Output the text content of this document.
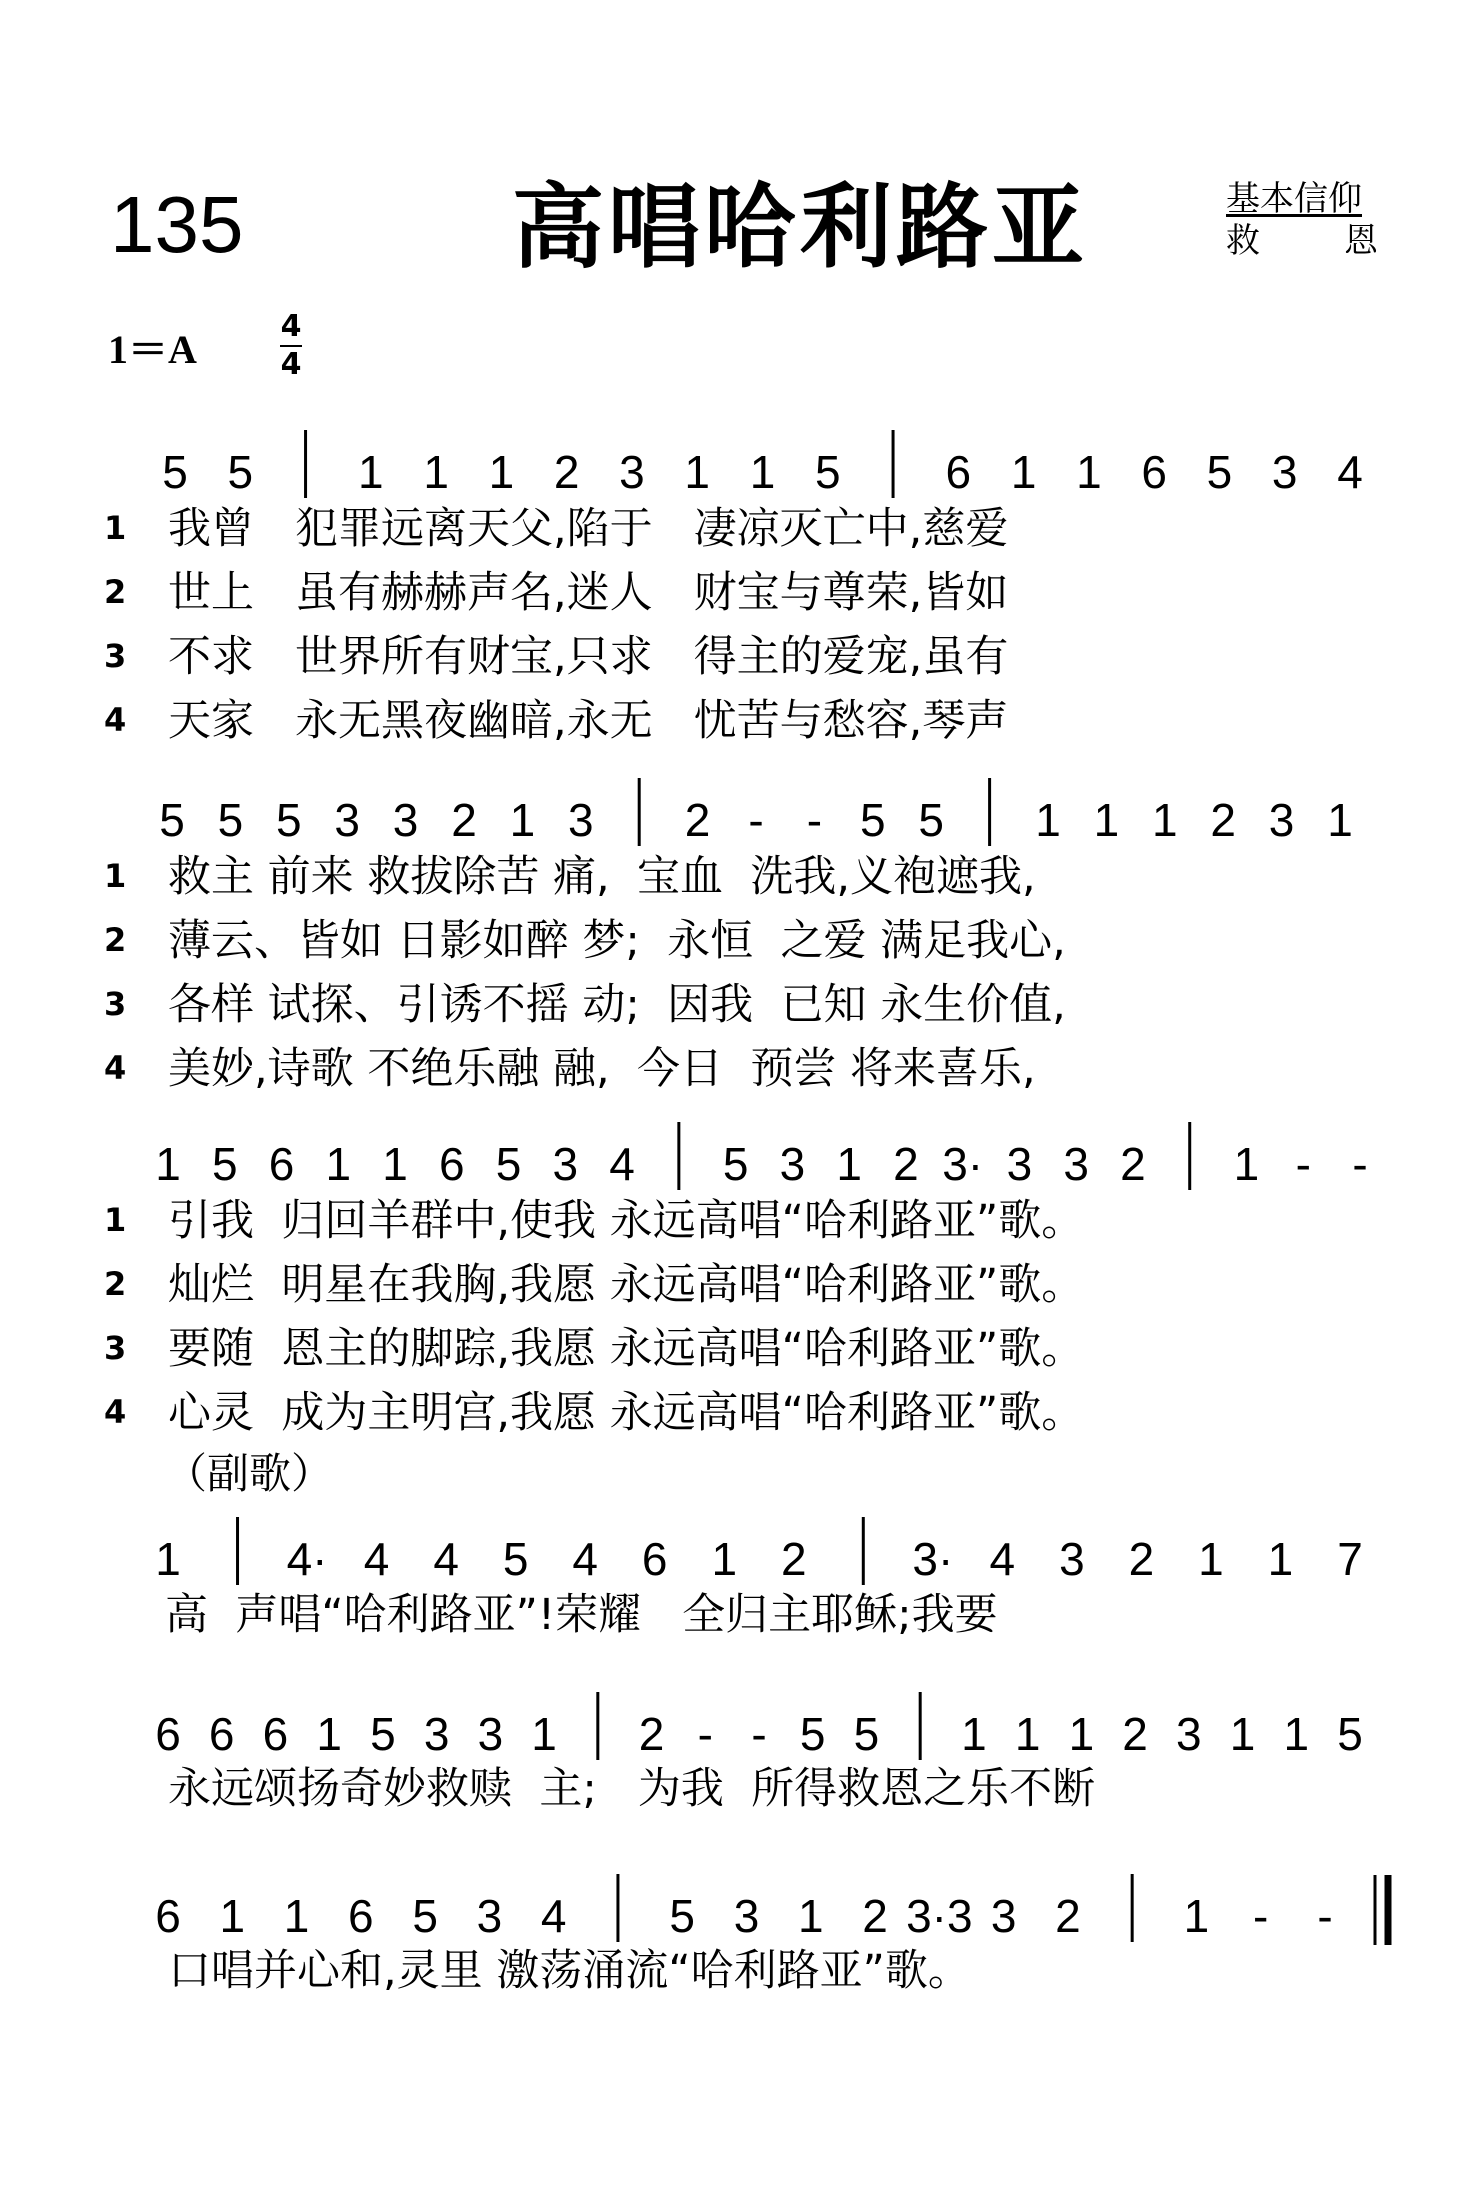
135	高唱哈利路亚	基本信仰
救 恩
1＝A
4
4
5 5 1 1 1 2 3 1 1 5 6 1 1 6 5 3 4
5 5 5 3 3 2 1 3 2 - - 5 5 1 1 1 2 3 1
1 5 6 1 1 6 5 3 4 5 3 1 2 3· 3 3 2 1 - -
1 4· 4 4 5 4 6 1 2 3· 4 3 2 1 1 7
6 6 6 1 5 3 3 1 2 - - 5 5 1 1 1 2 3 1 1 5
6 1 1 6 5 3 4 5 3 1 2 3·3 3 2 1 - -
1
2
3
4
我曾   犯罪远离天父,陷于   凄凉灭亡中,慈爱
世上   虽有赫赫声名,迷人   财宝与尊荣,皆如
不求   世界所有财宝,只求   得主的爱宠,虽有
天家   永无黑夜幽暗,永无   忧苦与愁容,琴声
1
2
3
4
救主 前来 救拔除苦 痛,  宝血  洗我,义袍遮我,
薄云、皆如 日影如醉 梦;  永恒  之爱 满足我心,
各样 试探、引诱不摇 动;  因我  已知 永生价值,
美妙,诗歌 不绝乐融 融,  今日  预尝 将来喜乐,
1
2
3
4
引我  归回羊群中,使我 永远高唱“哈利路亚”歌。
灿烂  明星在我胸,我愿 永远高唱“哈利路亚”歌。
要随  恩主的脚踪,我愿 永远高唱“哈利路亚”歌。
心灵  成为主明宫,我愿 永远高唱“哈利路亚”歌。
（副歌）
高  声唱“哈利路亚”!荣耀   全归主耶稣;我要
永远颂扬奇妙救赎  主;   为我  所得救恩之乐不断
口唱并心和,灵里 激荡涌流“哈利路亚”歌。
